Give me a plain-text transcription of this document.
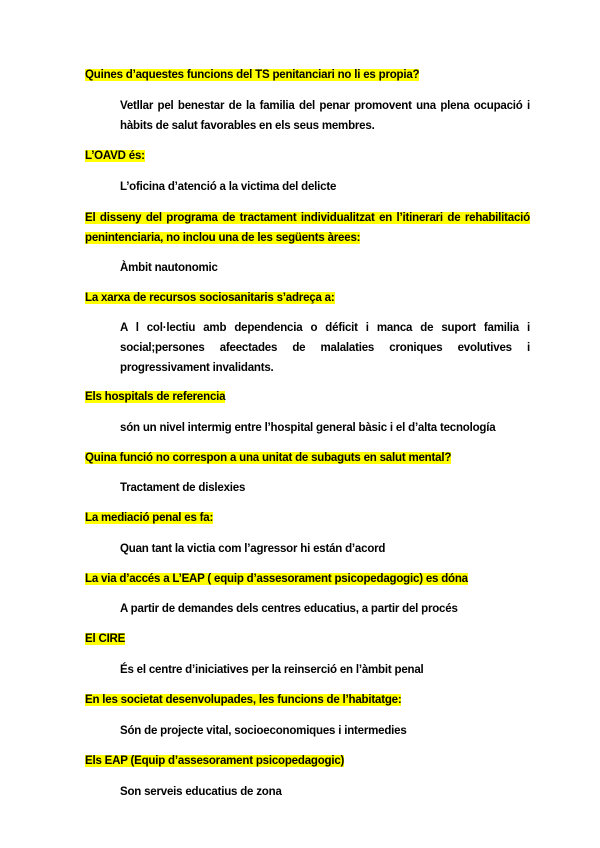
Quines d’aquestes funcions del TS penitanciari no li es propia?
Vetllar pel benestar de la familia del penar promovent una plena ocupació i hàbits de salut favorables en els seus membres.
L’OAVD és:
L’oficina d’atenció a la victima del delicte
El disseny del programa de tractament individualitzat en l’itinerari de rehabilitació penintenciaria, no inclou una de les següents àrees:
Àmbit nautonomic
La xarxa de recursos sociosanitaris s’adreça a:
A l col·lectiu amb dependencia o déficit i manca de suport familia i social;persones afeectades de malalaties croniques evolutives i progressivament invalidants.
Els hospitals de referencia
són un nivel intermig entre l’hospital general bàsic i el d’alta tecnología
Quina funció no correspon a una unitat de subaguts en salut mental?
Tractament de dislexies
La mediació penal es fa:
Quan tant la victia com l’agressor hi están d’acord
La via d’accés a L’EAP ( equip d’assesorament psicopedagogic) es dóna
A partir de demandes dels centres educatius, a partir del procés
El CIRE
És el centre d’iniciatives per la reinserció en l’àmbit penal
En les societat desenvolupades, les funcions de l’habitatge:
Són de projecte vital, socioeconomiques i intermedies
Els EAP (Equip d’assesorament psicopedagogic)
Son serveis educatius de zona
